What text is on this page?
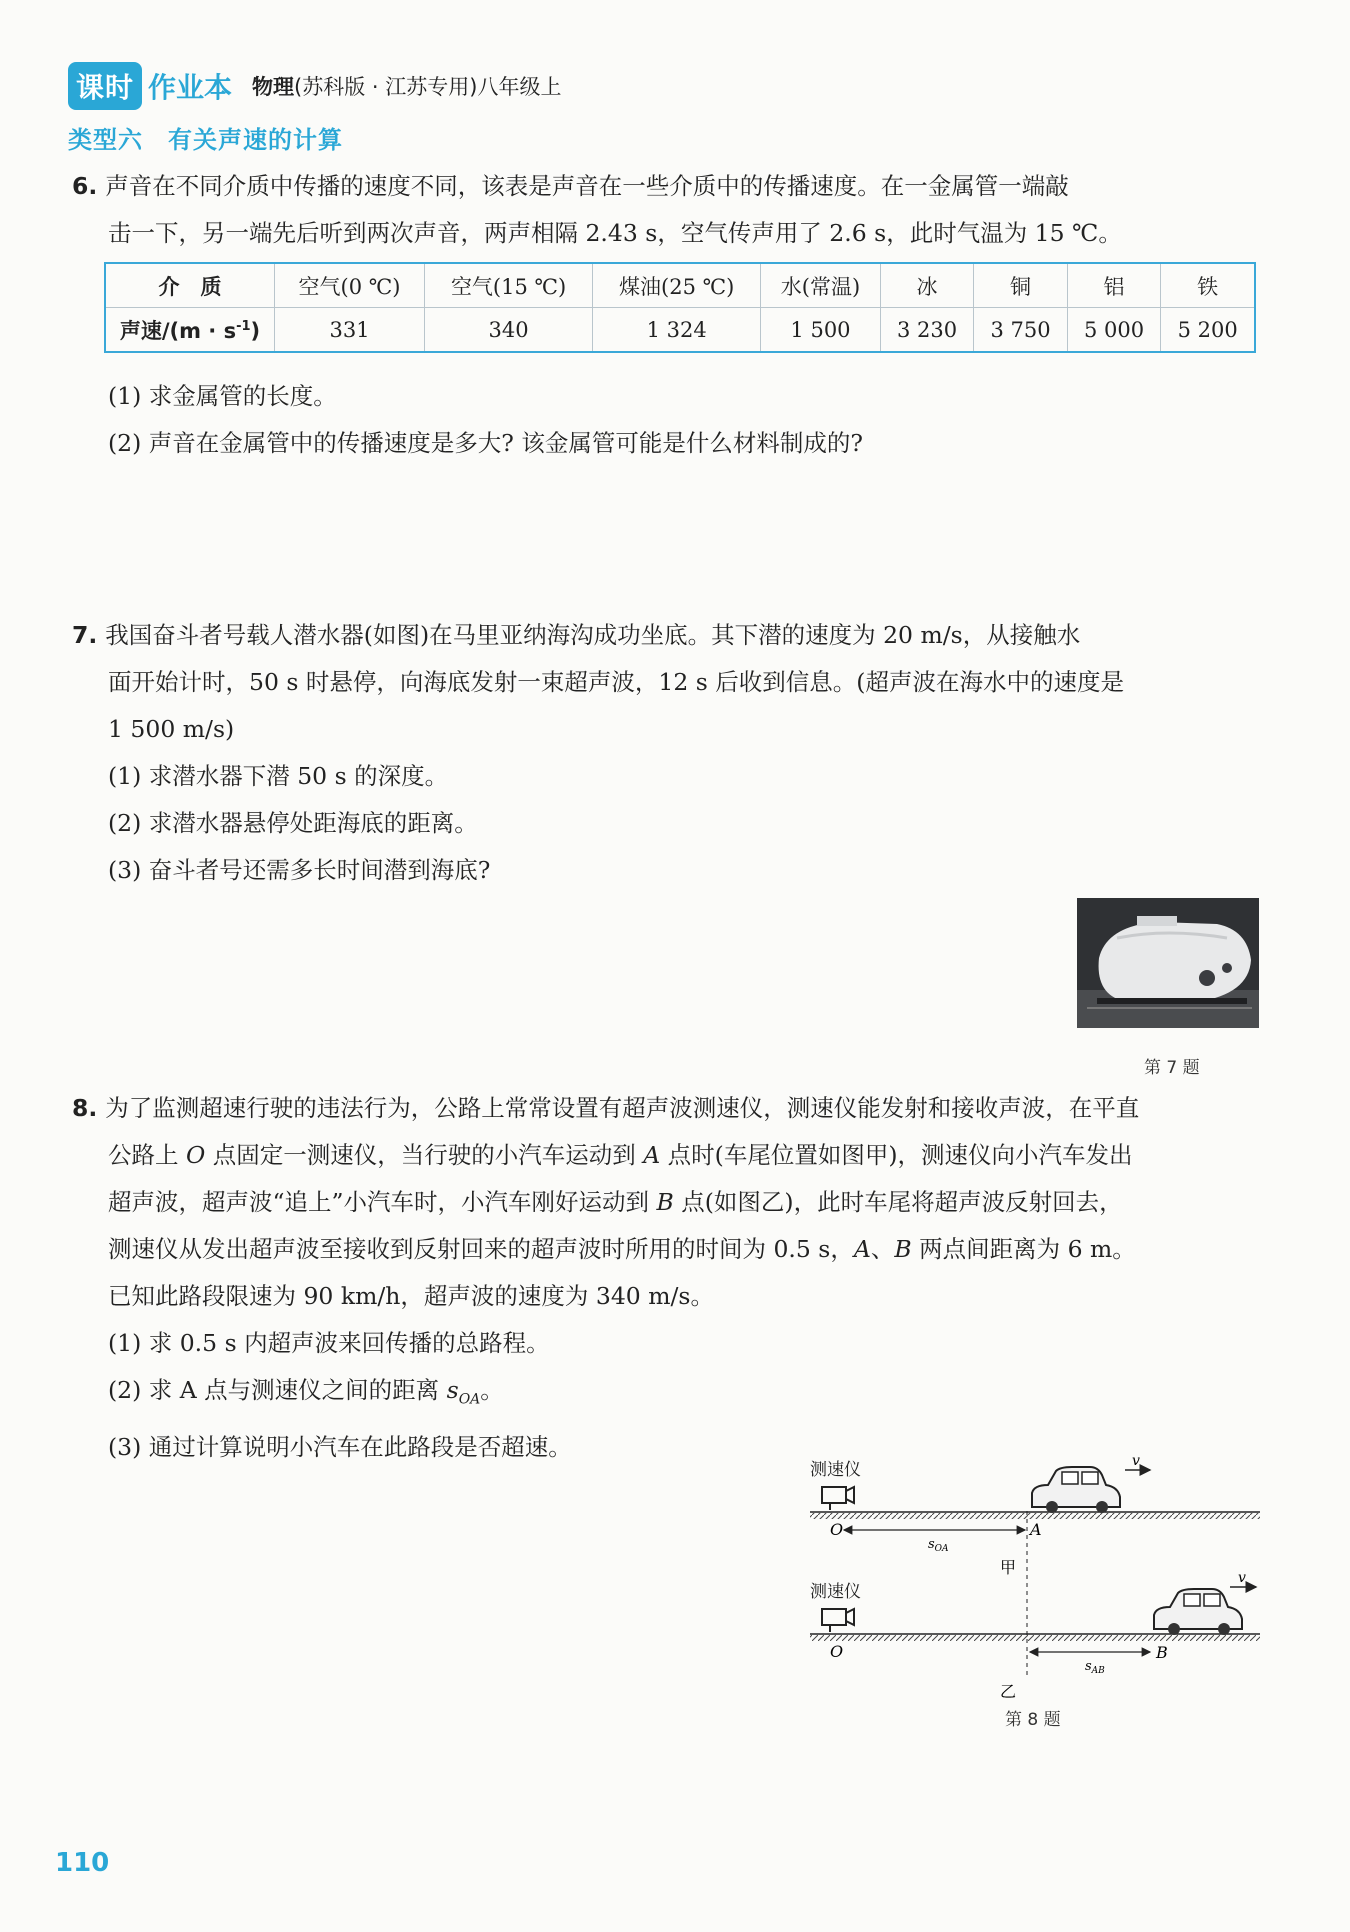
课时 作业本 物理(苏科版 · 江苏专用)八年级上
类型六　有关声速的计算
6. 声音在不同介质中传播的速度不同，该表是声音在一些介质中的传播速度。在一金属管一端敲
击一下，另一端先后听到两次声音，两声相隔 2.43 s，空气传声用了 2.6 s，此时气温为 15 ℃。
介　质	空气(0 ℃)	空气(15 ℃)	煤油(25 ℃)	水(常温)	冰	铜	铝	铁
声速$/(m \cdot s^{-1})$	331	340	1 324	1 500	3 230	3 750	5 000	5 200
(1) 求金属管的长度。
(2) 声音在金属管中的传播速度是多大? 该金属管可能是什么材料制成的?
7. 我国奋斗者号载人潜水器(如图)在马里亚纳海沟成功坐底。其下潜的速度为 20 m/s，从接触水
面开始计时，50 s 时悬停，向海底发射一束超声波，12 s 后收到信息。(超声波在海水中的速度是
1 500 m/s)
(1) 求潜水器下潜 50 s 的深度。
(2) 求潜水器悬停处距海底的距离。
(3) 奋斗者号还需多长时间潜到海底?
第 7 题
8. 为了监测超速行驶的违法行为，公路上常常设置有超声波测速仪，测速仪能发射和接收声波，在平直
公路上 O 点固定一测速仪，当行驶的小汽车运动到 A 点时(车尾位置如图甲)，测速仪向小汽车发出
超声波，超声波“追上”小汽车时，小汽车刚好运动到 B 点(如图乙)，此时车尾将超声波反射回去，
测速仪从发出超声波至接收到反射回来的超声波时所用的时间为 0.5 s，A、B 两点间距离为 6 m。
已知此路段限速为 90 km/h，超声波的速度为 340 m/s。
(1) 求 0.5 s 内超声波来回传播的总路程。
(2) 求 A 点与测速仪之间的距离 $s_{OA}$。
(3) 通过计算说明小汽车在此路段是否超速。
测速仪	v
O
$s_{OA}$
A
甲
测速仪
v
O
$s_{AB}$
B
乙
第 8 题
110
